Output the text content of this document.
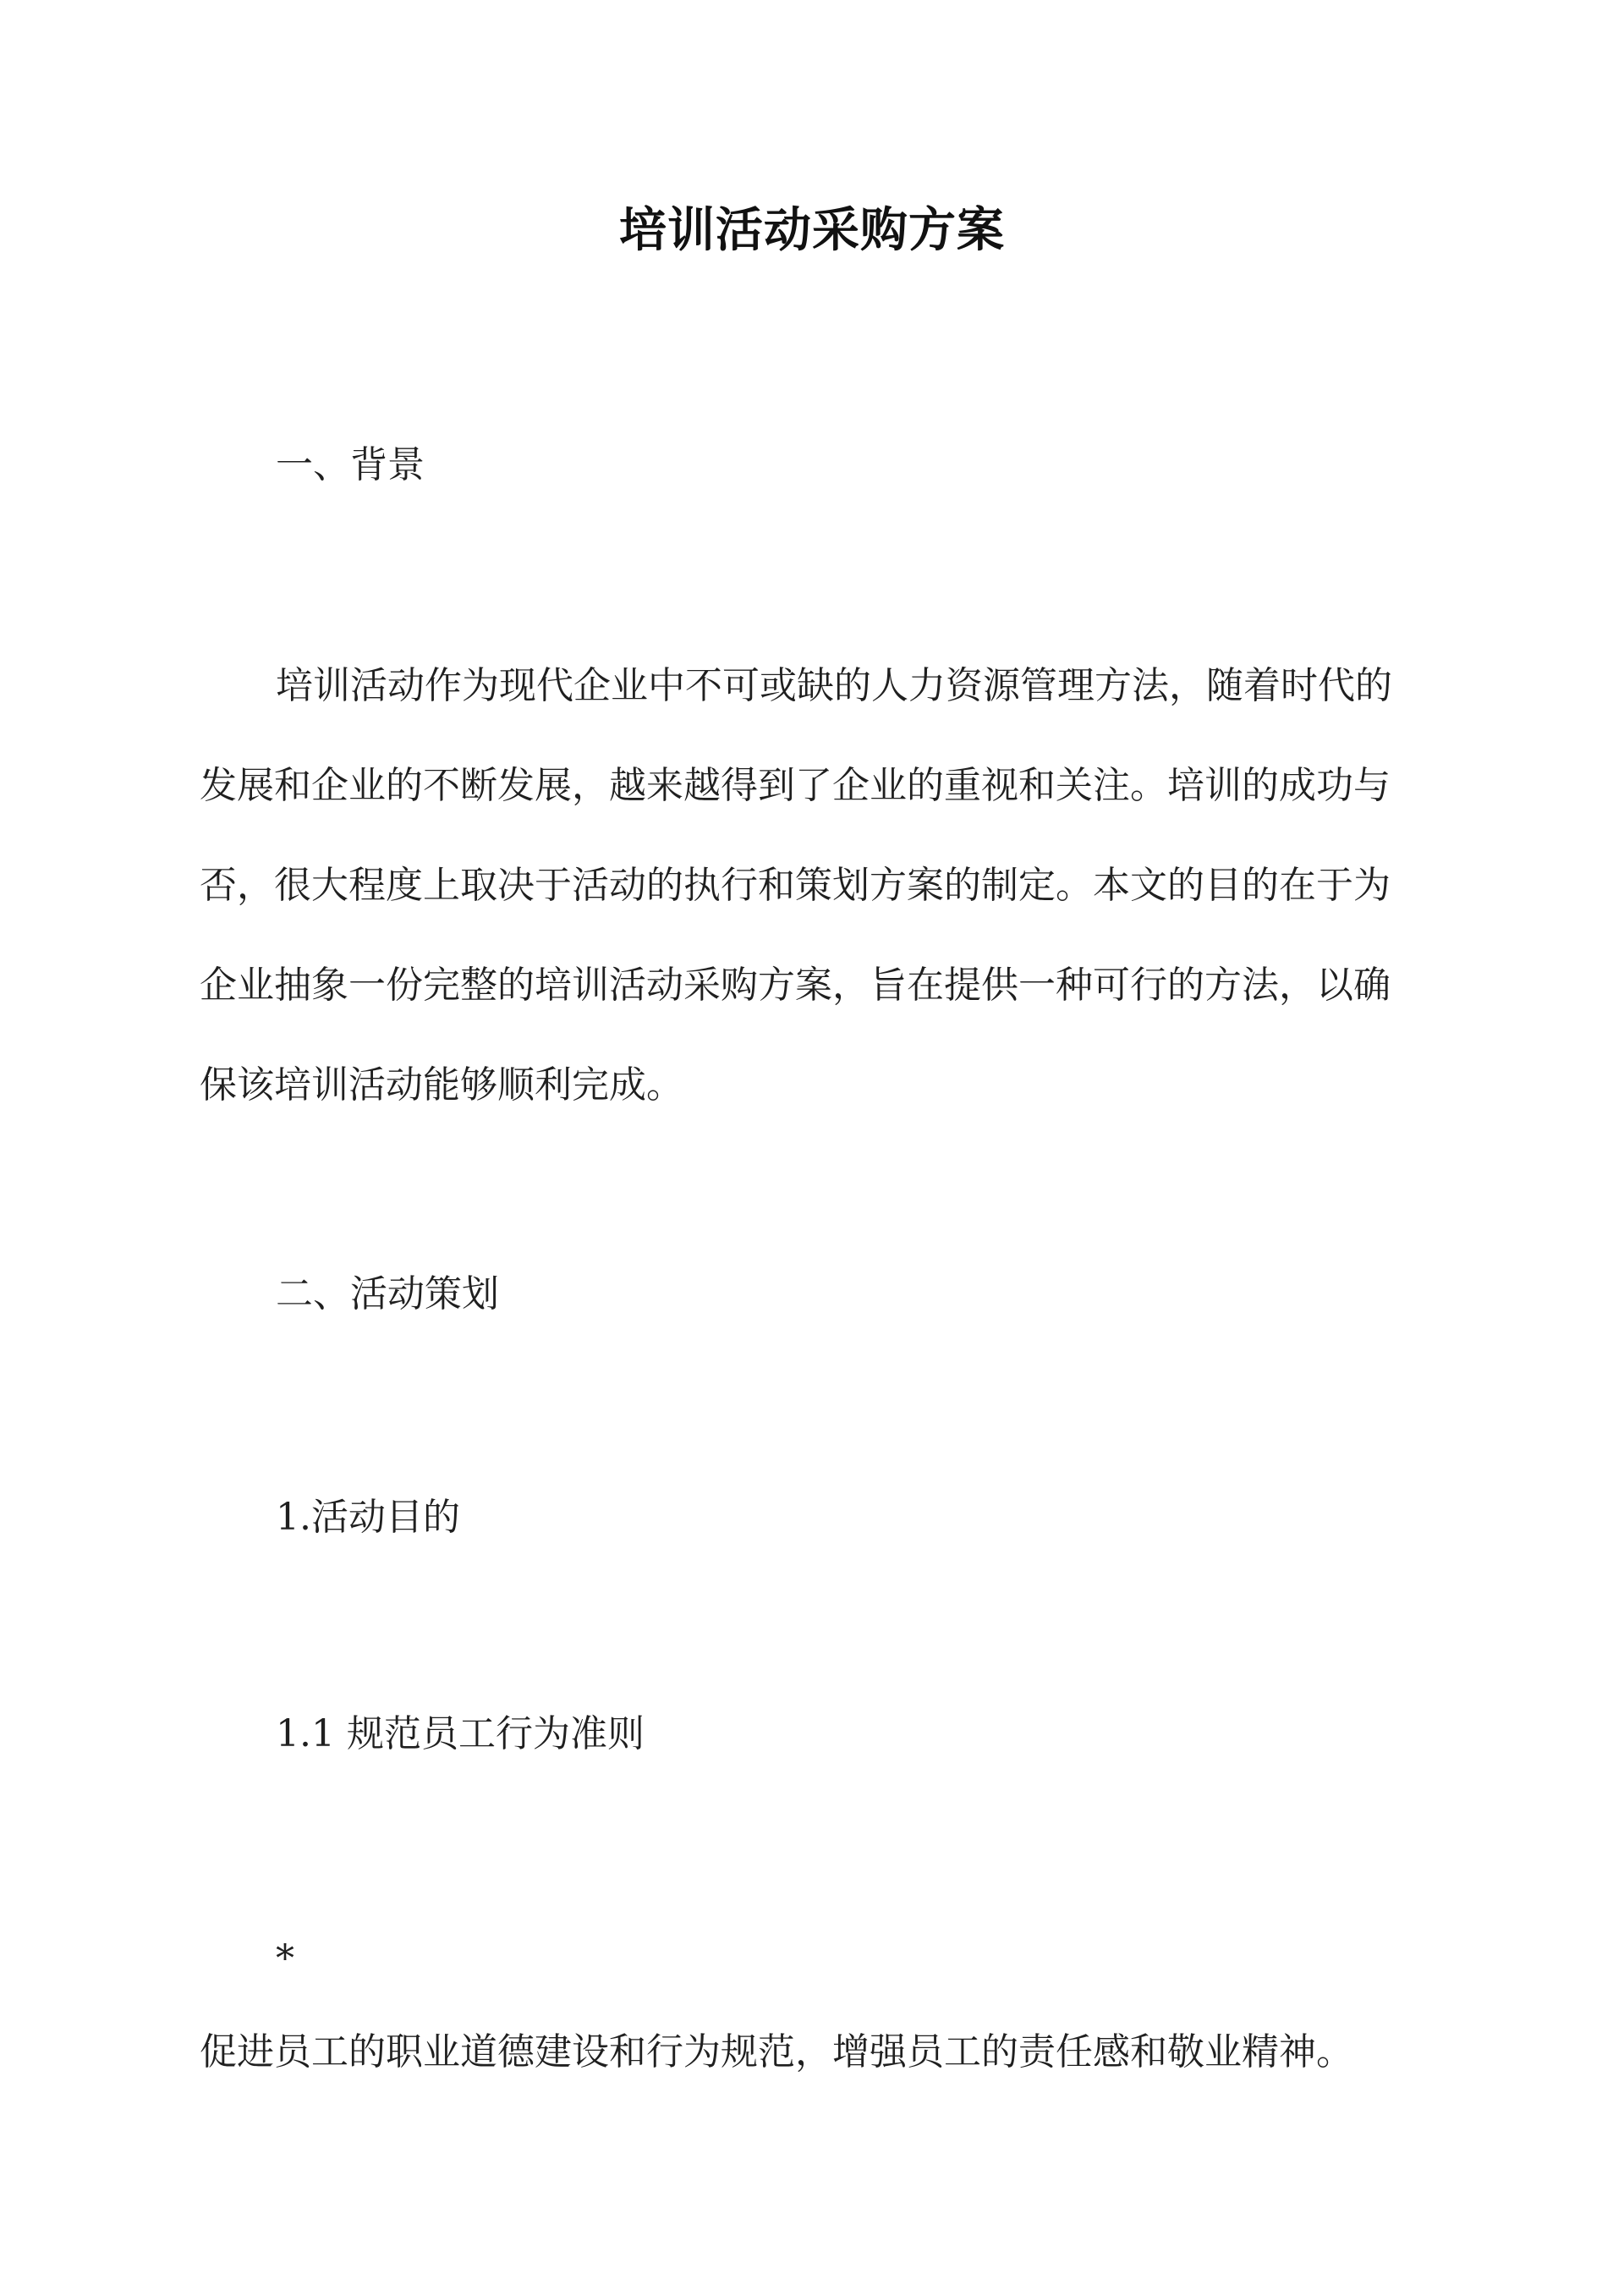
培训活动采购方案
一、背景
培训活动作为现代企业中不可或缺的人力资源管理方法，随着时代的
发展和企业的不断发展，越来越得到了企业的重视和关注。培训的成功与
否，很大程度上取决于活动的执行和策划方案的制定。本文的目的在于为
企业抽象一份完整的培训活动采购方案，旨在提供一种可行的方法，以确
保该培训活动能够顺利完成。
二、活动策划
1.活动目的
1.1 规范员工行为准则
*
促进员工的职业道德建设和行为规范，增强员工的责任感和敬业精神。
